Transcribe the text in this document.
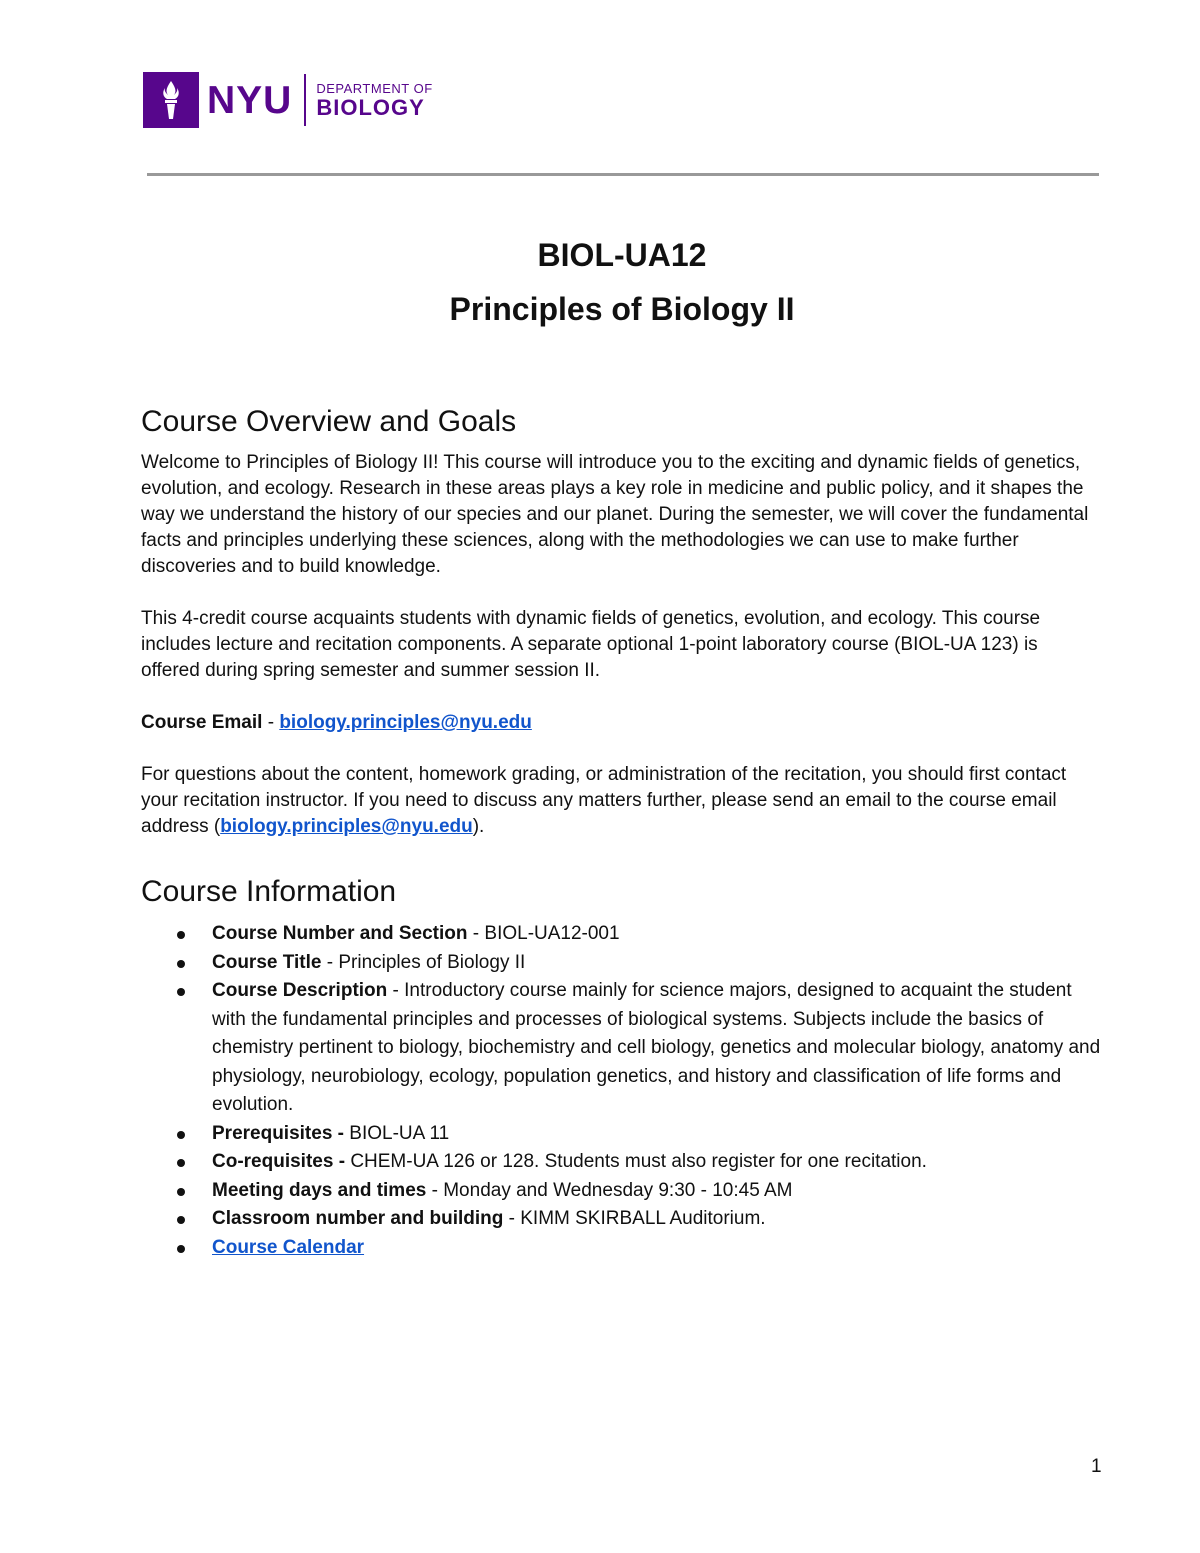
NYU DEPARTMENT OF
BIOLOGY
BIOL-UA12
Principles of Biology II
Course Overview and Goals

Welcome to Principles of Biology II! This course will introduce you to the exciting and dynamic fields of genetics, evolution, and ecology. Research in these areas plays a key role in medicine and public policy, and it shapes the way we understand the history of our species and our planet. During the semester, we will cover the fundamental facts and principles underlying these sciences, along with the methodologies we can use to make further discoveries and to build knowledge.

This 4-credit course acquaints students with dynamic fields of genetics, evolution, and ecology. This course includes lecture and recitation components. A separate optional 1-point laboratory course (BIOL-UA 123) is offered during spring semester and summer session II.

Course Email - biology.principles@nyu.edu

For questions about the content, homework grading, or administration of the recitation, you should first contact your recitation instructor. If you need to discuss any matters further, please send an email to the course email address (biology.principles@nyu.edu).

Course Information
Course Number and Section - BIOL-UA12-001
Course Title - Principles of Biology II
Course Description - Introductory course mainly for science majors, designed to acquaint the student with the fundamental principles and processes of biological systems. Subjects include the basics of chemistry pertinent to biology, biochemistry and cell biology, genetics and molecular biology, anatomy and physiology, neurobiology, ecology, population genetics, and history and classification of life forms and evolution.
Prerequisites - BIOL-UA 11
Co-requisites - CHEM-UA 126 or 128. Students must also register for one recitation.
Meeting days and times - Monday and Wednesday 9:30 - 10:45 AM
Classroom number and building - KIMM SKIRBALL Auditorium.
Course Calendar
1
